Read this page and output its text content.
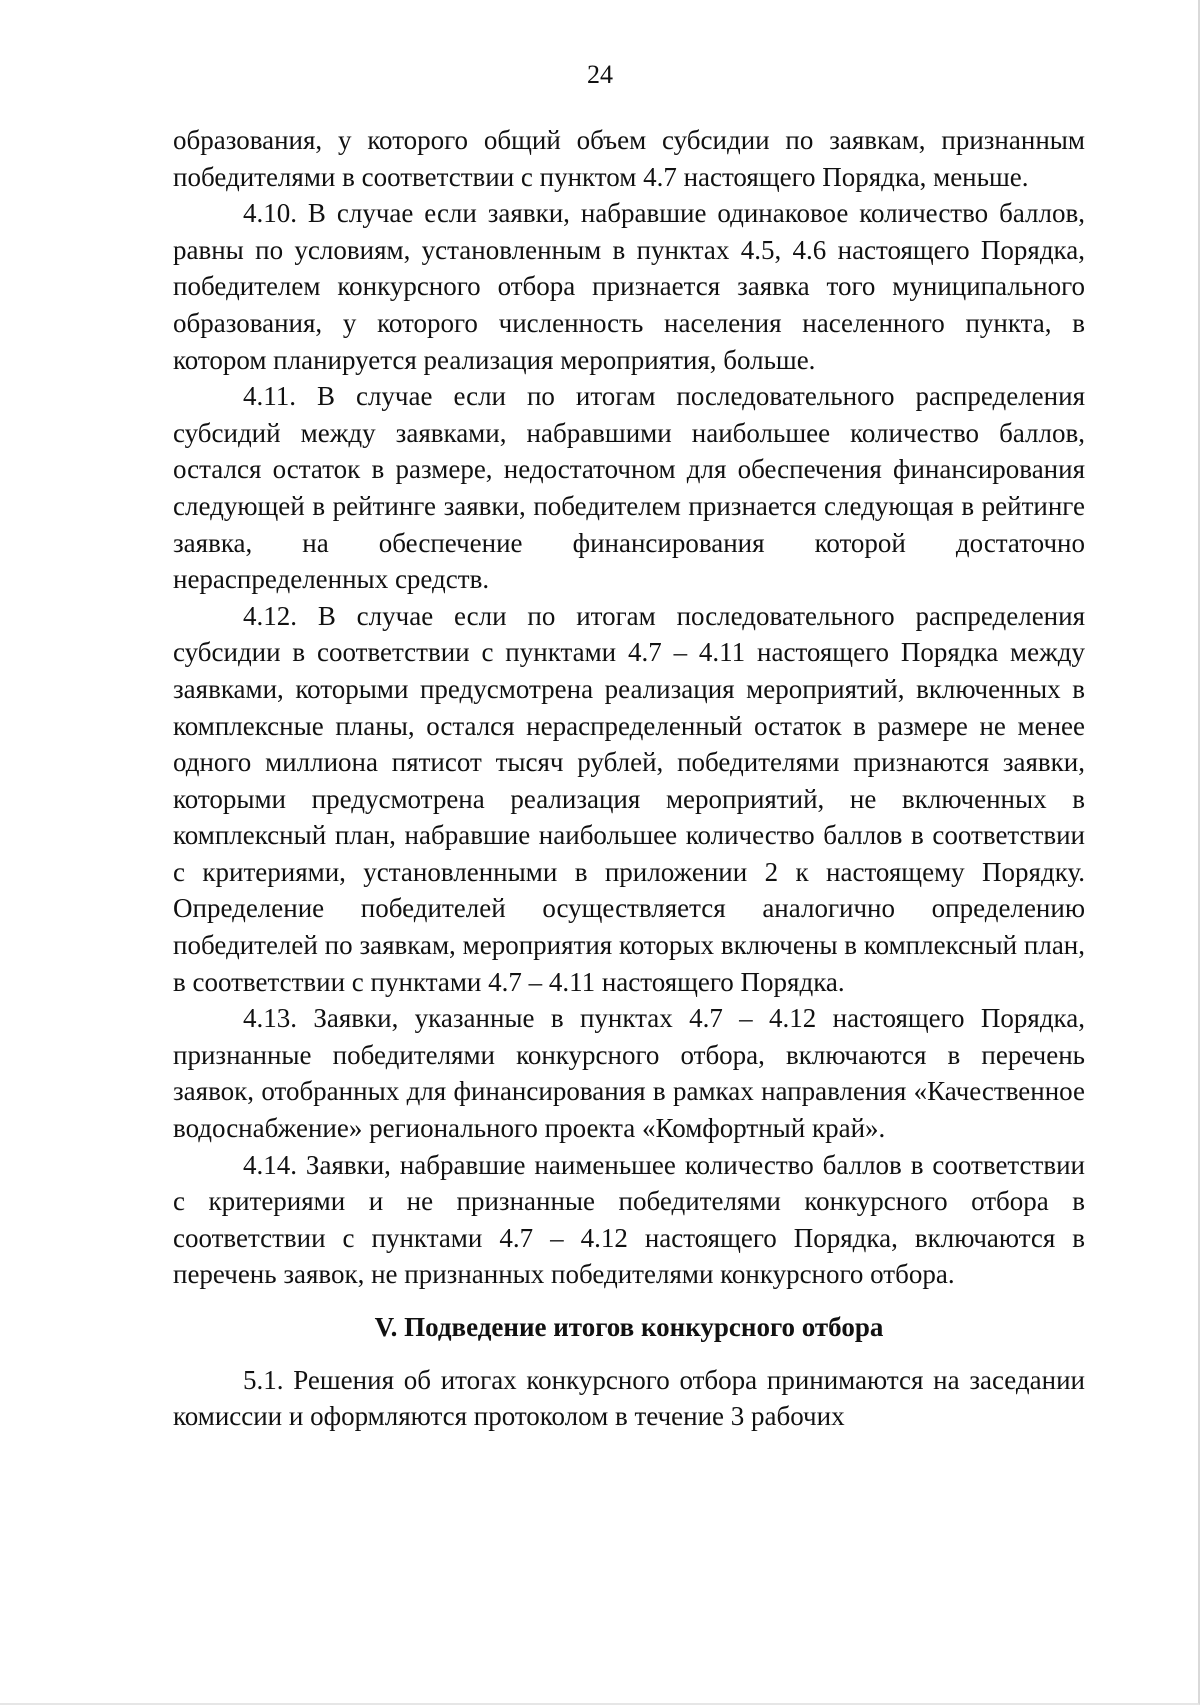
24

образования, у которого общий объем субсидии по заявкам, признанным победителями в соответствии с пунктом 4.7 настоящего Порядка, меньше.

4.10. В случае если заявки, набравшие одинаковое количество баллов, равны по условиям, установленным в пунктах 4.5, 4.6 настоящего Порядка, победителем конкурсного отбора признается заявка того муниципального образования, у которого численность населения населенного пункта, в котором планируется реализация мероприятия, больше.

4.11. В случае если по итогам последовательного распределения субсидий между заявками, набравшими наибольшее количество баллов, остался остаток в размере, недостаточном для обеспечения финансирования следующей в рейтинге заявки, победителем признается следующая в рейтинге заявка, на обеспечение финансирования которой достаточно нераспределенных средств.

4.12. В случае если по итогам последовательного распределения субсидии в соответствии с пунктами 4.7 – 4.11 настоящего Порядка между заявками, которыми предусмотрена реализация мероприятий, включенных в комплексные планы, остался нераспределенный остаток в размере не менее одного миллиона пятисот тысяч рублей, победителями признаются заявки, которыми предусмотрена реализация мероприятий, не включенных в комплексный план, набравшие наибольшее количество баллов в соответствии с критериями, установленными в приложении 2 к настоящему Порядку. Определение победителей осуществляется аналогично определению победителей по заявкам, мероприятия которых включены в комплексный план, в соответствии с пунктами 4.7 – 4.11 настоящего Порядка.

4.13. Заявки, указанные в пунктах 4.7 – 4.12 настоящего Порядка, признанные победителями конкурсного отбора, включаются в перечень заявок, отобранных для финансирования в рамках направления «Качественное водоснабжение» регионального проекта «Комфортный край».

4.14. Заявки, набравшие наименьшее количество баллов в соответствии с критериями и не признанные победителями конкурсного отбора в соответствии с пунктами 4.7 – 4.12 настоящего Порядка, включаются в перечень заявок, не признанных победителями конкурсного отбора.

V. Подведение итогов конкурсного отбора

5.1. Решения об итогах конкурсного отбора принимаются на заседании комиссии и оформляются протоколом в течение 3 рабочих
